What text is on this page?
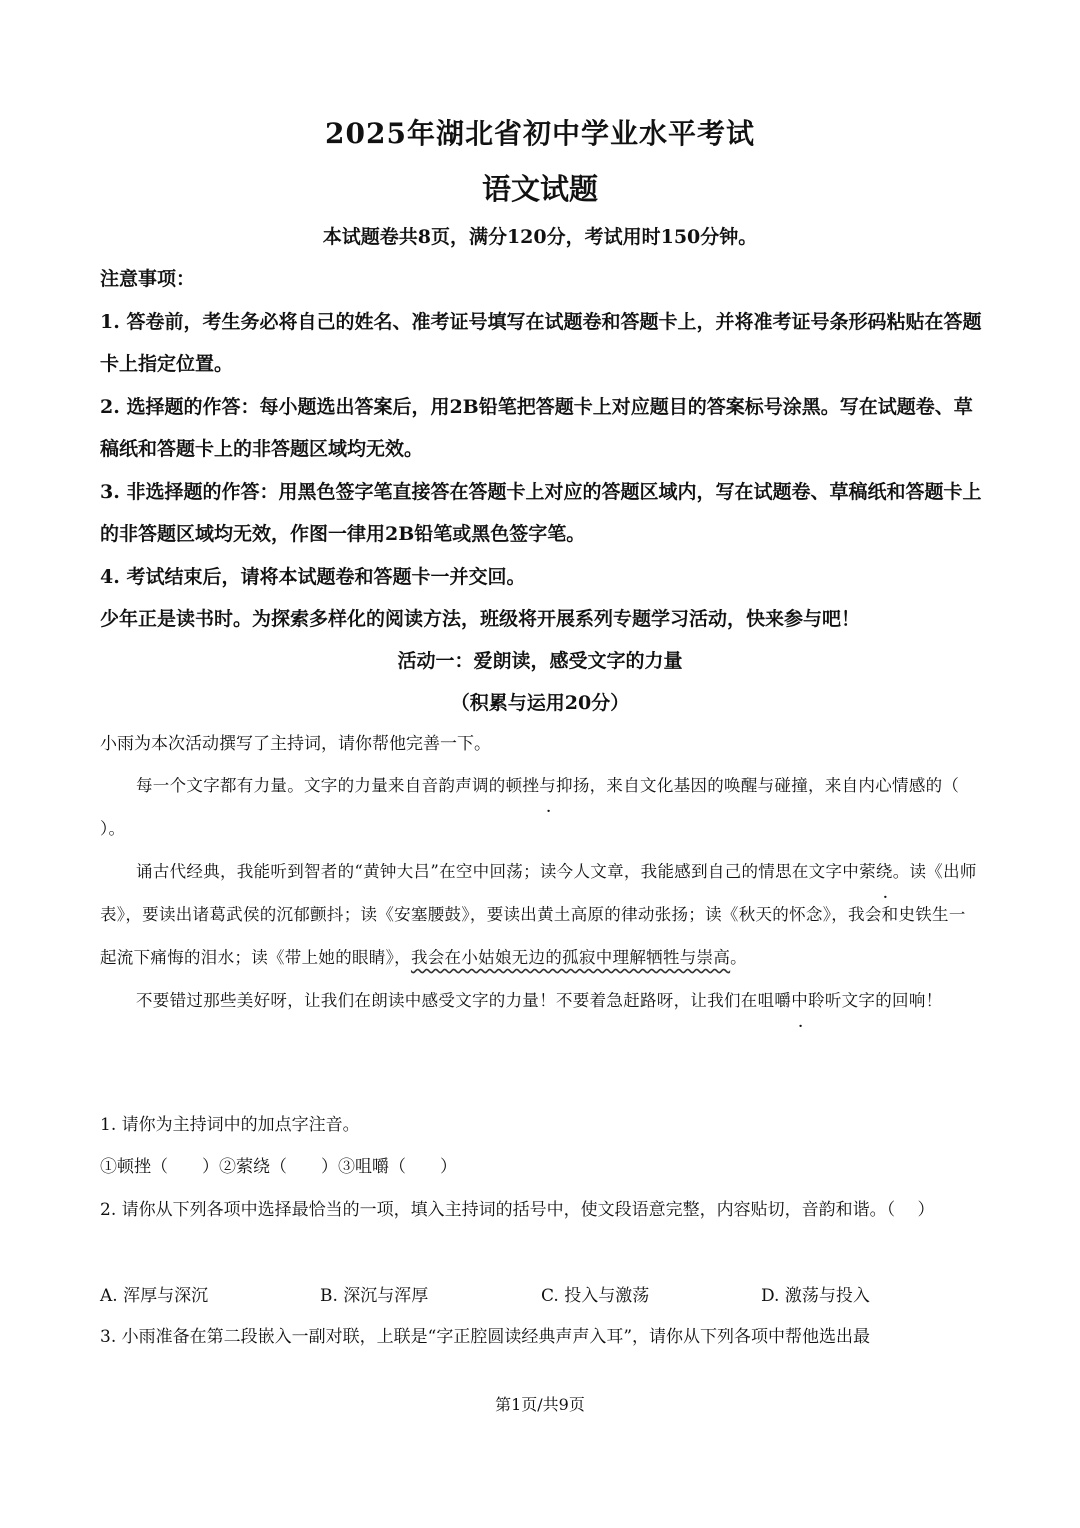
2025年湖北省初中学业水平考试
语文试题
本试题卷共8页，满分120分，考试用时150分钟。

注意事项：

1. 答卷前，考生务必将自己的姓名、准考证号填写在试题卷和答题卡上，并将准考证号条形码粘贴在答题卡上指定位置。

2. 选择题的作答：每小题选出答案后，用2B铅笔把答题卡上对应题目的答案标号涂黑。写在试题卷、草稿纸和答题卡上的非答题区域均无效。

3. 非选择题的作答：用黑色签字笔直接答在答题卡上对应的答题区域内，写在试题卷、草稿纸和答题卡上的非答题区域均无效，作图一律用2B铅笔或黑色签字笔。

4. 考试结束后，请将本试题卷和答题卡一并交回。

少年正是读书时。为探索多样化的阅读方法，班级将开展系列专题学习活动，快来参与吧！

活动一：爱朗读，感受文字的力量
（积累与运用20分）
小雨为本次活动撰写了主持词，请你帮他完善一下。

每一个文字都有力量。文字的力量来自音韵声调的顿挫与抑扬，来自文化基因的唤醒与碰撞，来自内心情感的（　 ）。

诵古代经典，我能听到智者的“黄钟大吕”在空中回荡；读今人文章，我能感到自己的情思在文字中萦绕。读《出师表》，要读出诸葛武侯的沉郁颤抖；读《安塞腰鼓》，要读出黄土高原的律动张扬；读《秋天的怀念》，我会和史铁生一起流下痛悔的泪水；读《带上她的眼睛》，我会在小姑娘无边的孤寂中理解牺牲与崇高。

不要错过那些美好呀，让我们在朗读中感受文字的力量！不要着急赶路呀，让我们在咀嚼中聆听文字的回响！

1. 请你为主持词中的加点字注音。
①顿挫（　　）②萦绕（　　）③咀嚼（　　）
2. 请你从下列各项中选择最恰当的一项，填入主持词的括号中，使文段语意完整，内容贴切，音韵和谐。（　 ）
A. 浑厚与深沉	B. 深沉与浑厚	C. 投入与激荡	D. 激荡与投入
3. 小雨准备在第二段嵌入一副对联，上联是“字正腔圆读经典声声入耳”，请你从下列各项中帮他选出最
第1页/共9页
